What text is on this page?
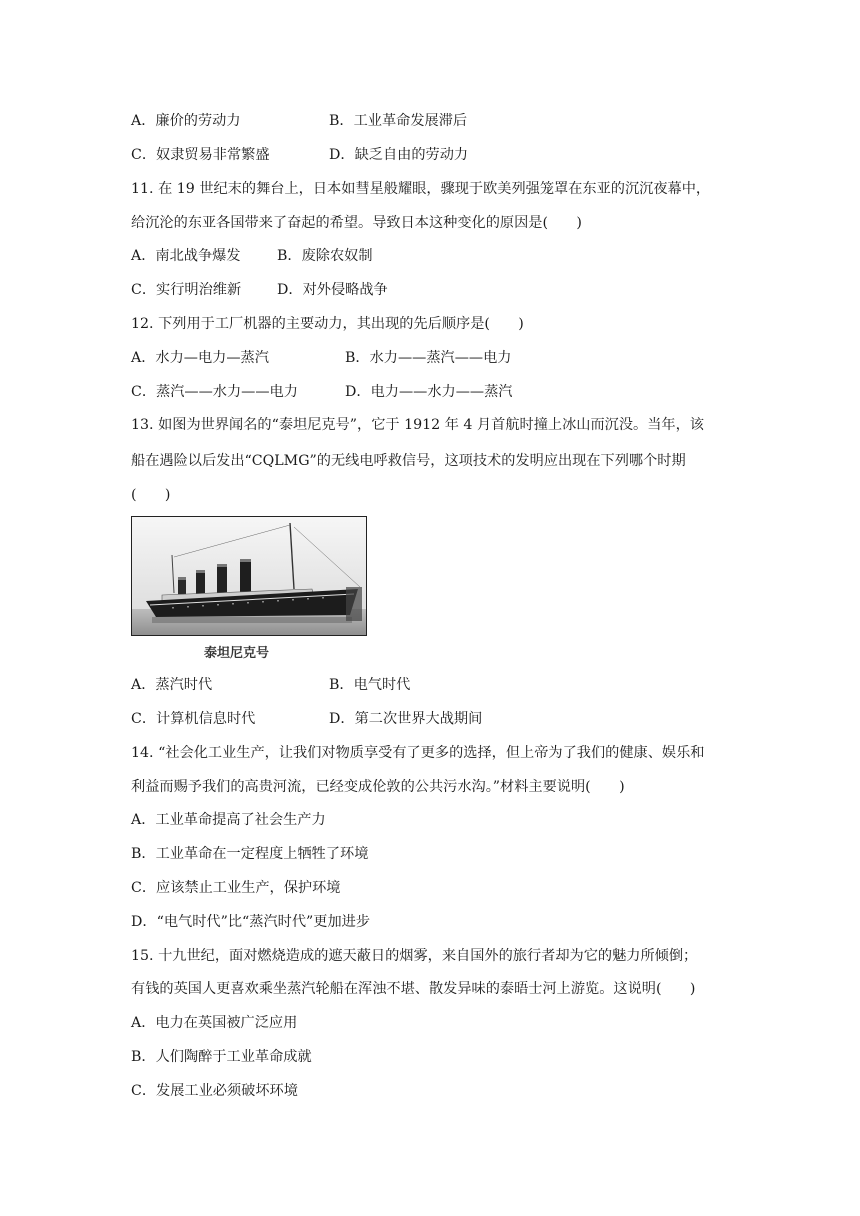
A．廉价的劳动力	B．工业革命发展滞后
C．奴隶贸易非常繁盛	D．缺乏自由的劳动力
11. 在 19 世纪末的舞台上，日本如彗星般耀眼，骤现于欧美列强笼罩在东亚的沉沉夜幕中，
给沉沦的东亚各国带来了奋起的希望。导致日本这种变化的原因是(　　)
A．南北战争爆发	B．废除农奴制
C．实行明治维新	D．对外侵略战争
12. 下列用于工厂机器的主要动力，其出现的先后顺序是(　　)
A．水力—电力—蒸汽	B．水力——蒸汽——电力
C．蒸汽——水力——电力	D．电力——水力——蒸汽
13. 如图为世界闻名的“泰坦尼克号”，它于 1912 年 4 月首航时撞上冰山而沉没。当年，该
船在遇险以后发出“CQLMG”的无线电呼救信号，这项技术的发明应出现在下列哪个时期
(　　)
泰坦尼克号
A．蒸汽时代	B．电气时代
C．计算机信息时代	D．第二次世界大战期间
14. “社会化工业生产，让我们对物质享受有了更多的选择，但上帝为了我们的健康、娱乐和
利益而赐予我们的高贵河流，已经变成伦敦的公共污水沟。”材料主要说明(　　)
A．工业革命提高了社会生产力
B．工业革命在一定程度上牺牲了环境
C．应该禁止工业生产，保护环境
D．“电气时代”比“蒸汽时代”更加进步
15. 十九世纪，面对燃烧造成的遮天蔽日的烟雾，来自国外的旅行者却为它的魅力所倾倒；
有钱的英国人更喜欢乘坐蒸汽轮船在浑浊不堪、散发异味的泰晤士河上游览。这说明(　　)
A．电力在英国被广泛应用
B．人们陶醉于工业革命成就
C．发展工业必须破坏环境
